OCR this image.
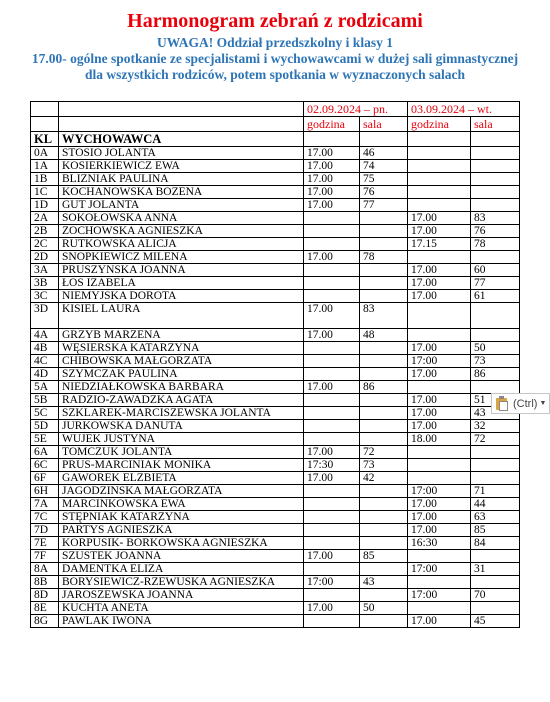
Harmonogram zebrań z rodzicami
UWAGA! Oddział przedszkolny i klasy 1
17.00- ogólne spotkanie ze specjalistami i wychowawcami w dużej sali gimnastycznej
dla wszystkich rodziców, potem spotkania w wyznaczonych salach
		02.09.2024 – pn.		03.09.2024 – wt.	
		godzina	sala	godzina	sala
KL	WYCHOWAWCA				
0A	STOSIO JOLANTA	17.00	46		
1A	KOSIERKIEWICZ EWA	17.00	74		
1B	BLIZNIAK PAULINA	17.00	75		
1C	KOCHANOWSKA BOZENA	17.00	76		
1D	GUT JOLANTA	17.00	77		
2A	SOKOŁOWSKA ANNA			17.00	83
2B	ZOCHOWSKA AGNIESZKA			17.00	76
2C	RUTKOWSKA ALICJA			17.15	78
2D	SNOPKIEWICZ MILENA	17.00	78		
3A	PRUSZYNSKA JOANNA			17.00	60
3B	ŁOS IZABELA			17.00	77
3C	NIEMYJSKA DOROTA			17.00	61
3D	KISIEL LAURA	17.00	83		
4A	GRZYB MARZENA	17.00	48		
4B	WĘSIERSKA KATARZYNA			17.00	50
4C	CHIBOWSKA MAŁGORZATA			17:00	73
4D	SZYMCZAK PAULINA			17.00	86
5A	NIEDZIAŁKOWSKA BARBARA	17.00	86		
5B	RADZIO-ZAWADZKA AGATA			17.00	51
5C	SZKLAREK-MARCISZEWSKA JOLANTA			17.00	43
5D	JURKOWSKA DANUTA			17.00	32
5E	WUJEK JUSTYNA			18.00	72
6A	TOMCZUK JOLANTA	17.00	72		
6C	PRUS-MARCINIAK MONIKA	17:30	73		
6F	GAWOREK ELZBIETA	17.00	42		
6H	JAGODZINSKA MAŁGORZATA			17:00	71
7A	MARCINKOWSKA EWA			17.00	44
7C	STĘPNIAK KATARZYNA			17.00	63
7D	PARTYS AGNIESZKA			17.00	85
7E	KORPUSIK- BORKOWSKA AGNIESZKA			16:30	84
7F	SZUSTEK JOANNA	17.00	85		
8A	DAMENTKA ELIZA			17:00	31
8B	BORYSIEWICZ-RZEWUSKA AGNIESZKA	17:00	43		
8D	JAROSZEWSKA JOANNA			17:00	70
8E	KUCHTA ANETA	17.00	50		
8G	PAWLAK IWONA			17.00	45
(Ctrl) ▼
